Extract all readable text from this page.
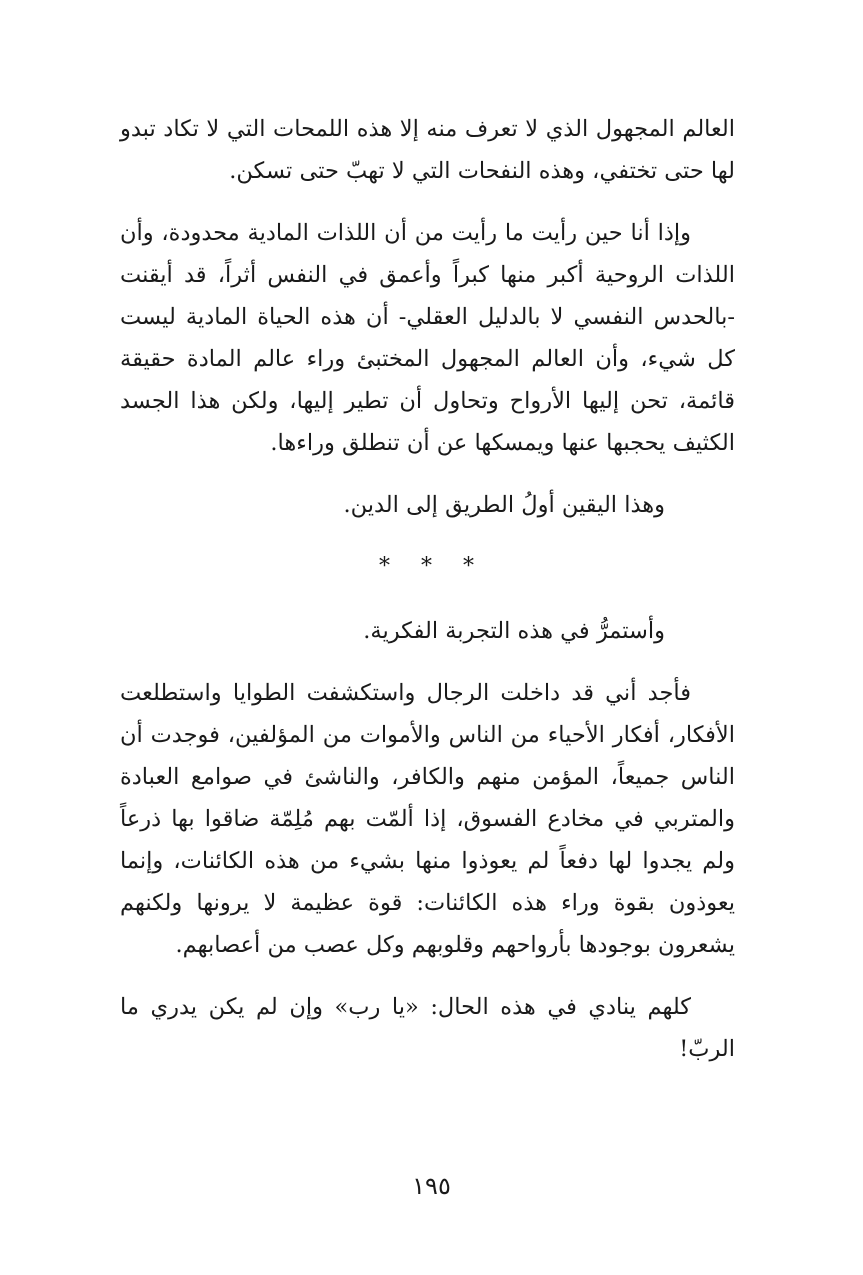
العالم المجهول الذي لا تعرف منه إلا هذه اللمحات التي لا تكاد تبدو لها حتى تختفي، وهذه النفحات التي لا تهبّ حتى تسكن.

وإذا أنا حين رأيت ما رأيت من أن اللذات المادية محدودة، وأن اللذات الروحية أكبر منها كبراً وأعمق في النفس أثراً، قد أيقنت -بالحدس النفسي لا بالدليل العقلي- أن هذه الحياة المادية ليست كل شيء، وأن العالم المجهول المختبئ وراء عالم المادة حقيقة قائمة، تحن إليها الأرواح وتحاول أن تطير إليها، ولكن هذا الجسد الكثيف يحجبها عنها ويمسكها عن أن تنطلق وراءها.

وهذا اليقين أولُ الطريق إلى الدين.

* * *

وأستمرُّ في هذه التجربة الفكرية.

فأجد أني قد داخلت الرجال واستكشفت الطوايا واستطلعت الأفكار، أفكار الأحياء من الناس والأموات من المؤلفين، فوجدت أن الناس جميعاً، المؤمن منهم والكافر، والناشئ في صوامع العبادة والمتربي في مخادع الفسوق، إذا ألمّت بهم مُلِمّة ضاقوا بها ذرعاً ولم يجدوا لها دفعاً لم يعوذوا منها بشيء من هذه الكائنات، وإنما يعوذون بقوة وراء هذه الكائنات: قوة عظيمة لا يرونها ولكنهم يشعرون بوجودها بأرواحهم وقلوبهم وكل عصب من أعصابهم.

كلهم ينادي في هذه الحال: «يا رب» وإن لم يكن يدري ما الربّ!

١٩٥
